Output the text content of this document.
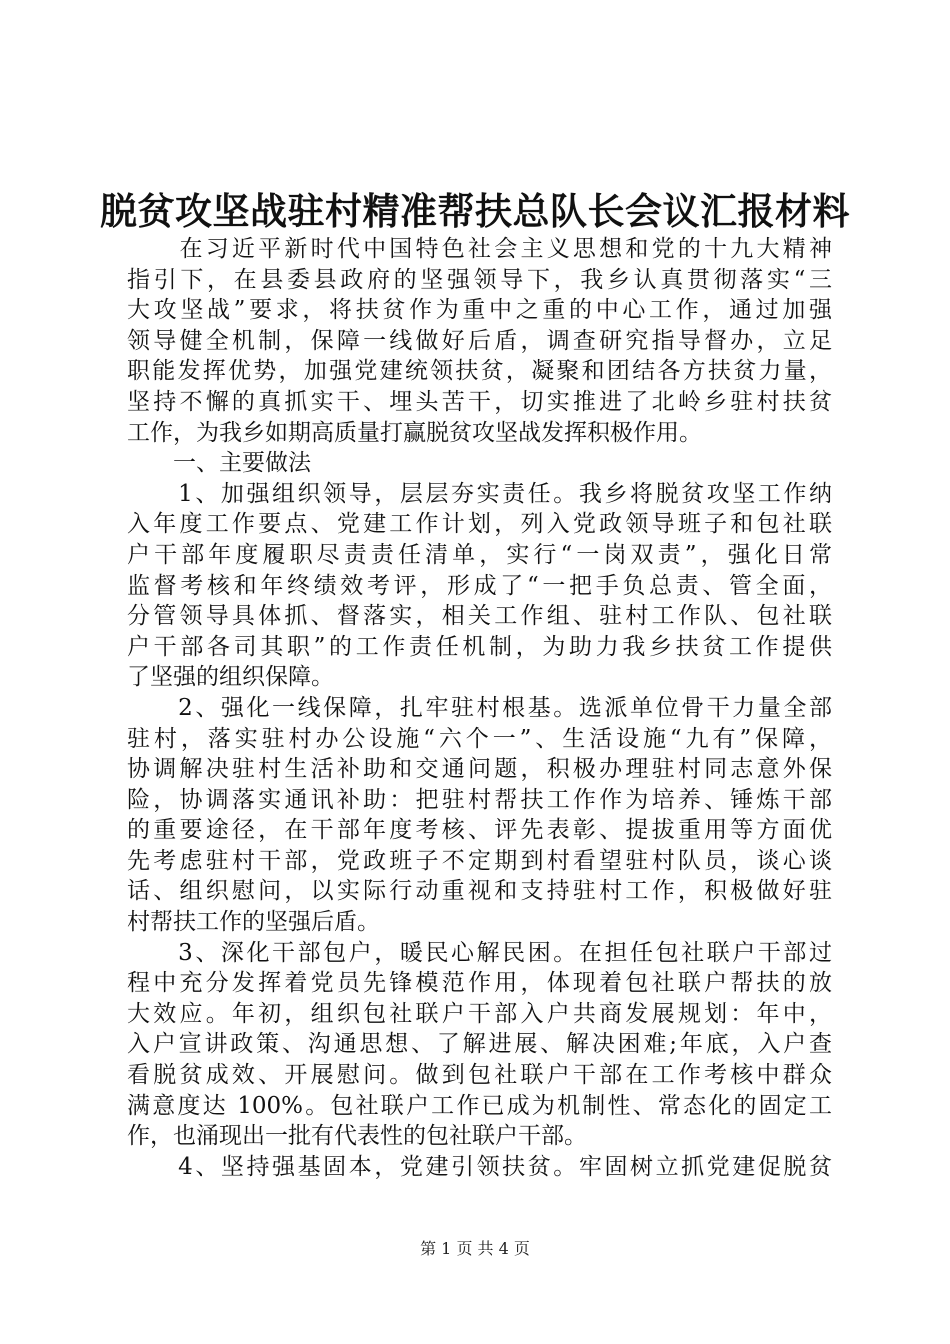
脱贫攻坚战驻村精准帮扶总队长会议汇报材料
　　在习近平新时代中国特色社会主义思想和党的十九大精神
指引下，在县委县政府的坚强领导下，我乡认真贯彻落实“三
大攻坚战”要求，将扶贫作为重中之重的中心工作，通过加强
领导健全机制，保障一线做好后盾，调查研究指导督办，立足
职能发挥优势，加强党建统领扶贫，凝聚和团结各方扶贫力量，
坚持不懈的真抓实干、埋头苦干，切实推进了北岭乡驻村扶贫
工作，为我乡如期高质量打赢脱贫攻坚战发挥积极作用。
　　一、主要做法
　　1、加强组织领导，层层夯实责任。我乡将脱贫攻坚工作纳
入年度工作要点、党建工作计划，列入党政领导班子和包社联
户干部年度履职尽责责任清单，实行“一岗双责”，强化日常
监督考核和年终绩效考评，形成了“一把手负总责、管全面，
分管领导具体抓、督落实，相关工作组、驻村工作队、包社联
户干部各司其职”的工作责任机制，为助力我乡扶贫工作提供
了坚强的组织保障。
　　2、强化一线保障，扎牢驻村根基。选派单位骨干力量全部
驻村，落实驻村办公设施“六个一”、生活设施“九有”保障，
协调解决驻村生活补助和交通问题，积极办理驻村同志意外保
险，协调落实通讯补助：把驻村帮扶工作作为培养、锤炼干部
的重要途径，在干部年度考核、评先表彰、提拔重用等方面优
先考虑驻村干部，党政班子不定期到村看望驻村队员，谈心谈
话、组织慰问，以实际行动重视和支持驻村工作，积极做好驻
村帮扶工作的坚强后盾。
　　3、深化干部包户，暖民心解民困。在担任包社联户干部过
程中充分发挥着党员先锋模范作用，体现着包社联户帮扶的放
大效应。年初，组织包社联户干部入户共商发展规划：年中，
入户宣讲政策、沟通思想、了解进展、解决困难;年底，入户查
看脱贫成效、开展慰问。做到包社联户干部在工作考核中群众
满意度达 100%。包社联户工作已成为机制性、常态化的固定工
作，也涌现出一批有代表性的包社联户干部。
　　4、坚持强基固本，党建引领扶贫。牢固树立抓党建促脱贫
第 1 页 共 4 页
